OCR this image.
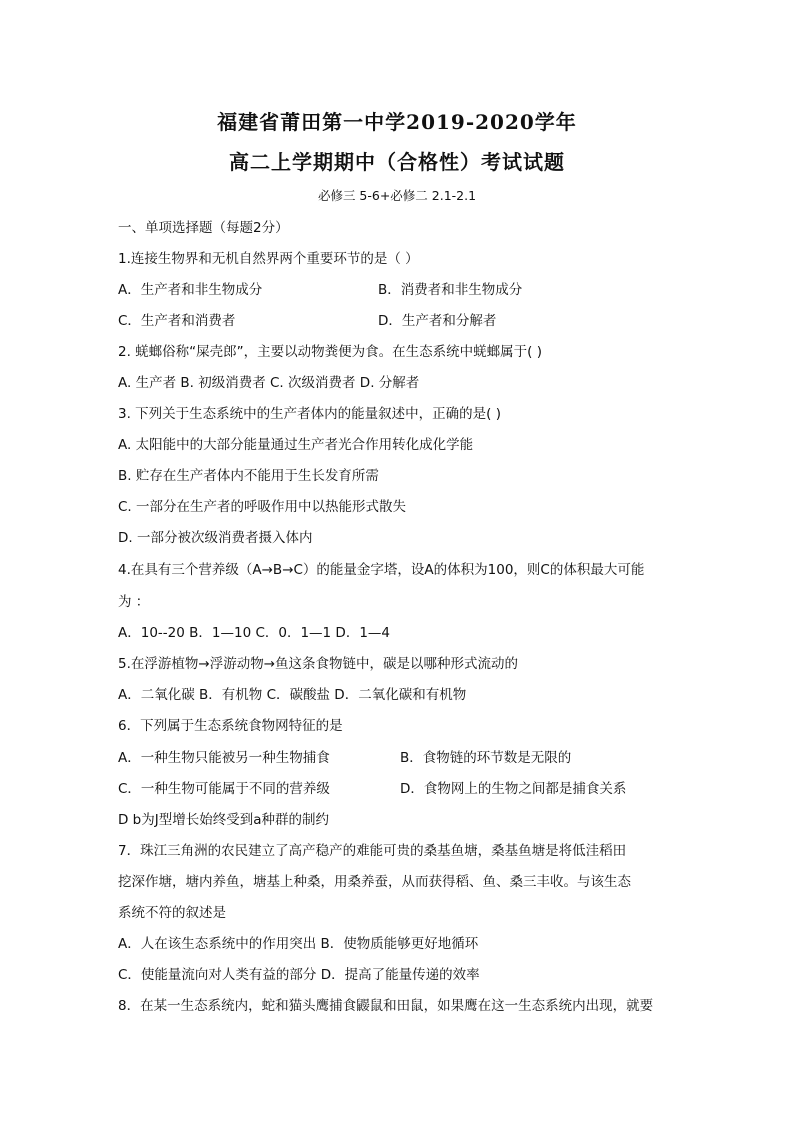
福建省莆田第一中学2019-2020学年
高二上学期期中（合格性）考试试题
必修三 5-6+必修二 2.1-2.1
一、单项选择题（每题2分）
1.连接生物界和无机自然界两个重要环节的是（ ）
A．生产者和非生物成分	B．消费者和非生物成分
C．生产者和消费者	D．生产者和分解者
2. 蜣螂俗称“屎壳郎”，主要以动物粪便为食。在生态系统中蜣螂属于( )
A. 生产者 B. 初级消费者 C. 次级消费者 D. 分解者
3. 下列关于生态系统中的生产者体内的能量叙述中，正确的是( )
A. 太阳能中的大部分能量通过生产者光合作用转化成化学能
B. 贮存在生产者体内不能用于生长发育所需
C. 一部分在生产者的呼吸作用中以热能形式散失
D. 一部分被次级消费者摄入体内
4.在具有三个营养级（A→B→C）的能量金字塔，设A的体积为100，则C的体积最大可能
为 ：
A．10--20 B．1—10 C．0．1—1 D．1—4
5.在浮游植物→浮游动物→鱼这条食物链中，碳是以哪种形式流动的
A．二氧化碳 B．有机物 C．碳酸盐 D．二氧化碳和有机物
6．下列属于生态系统食物网特征的是
A．一种生物只能被另一种生物捕食	B．食物链的环节数是无限的
C．一种生物可能属于不同的营养级	D．食物网上的生物之间都是捕食关系
D b为J型增长始终受到a种群的制约
7．珠江三角洲的农民建立了高产稳产的难能可贵的桑基鱼塘，桑基鱼塘是将低洼稻田
挖深作塘，塘内养鱼，塘基上种桑，用桑养蚕，从而获得稻、鱼、桑三丰收。与该生态
系统不符的叙述是
A．人在该生态系统中的作用突出 B．使物质能够更好地循环
C．使能量流向对人类有益的部分 D．提高了能量传递的效率
8．在某一生态系统内，蛇和猫头鹰捕食鼹鼠和田鼠，如果鹰在这一生态系统内出现，就要
